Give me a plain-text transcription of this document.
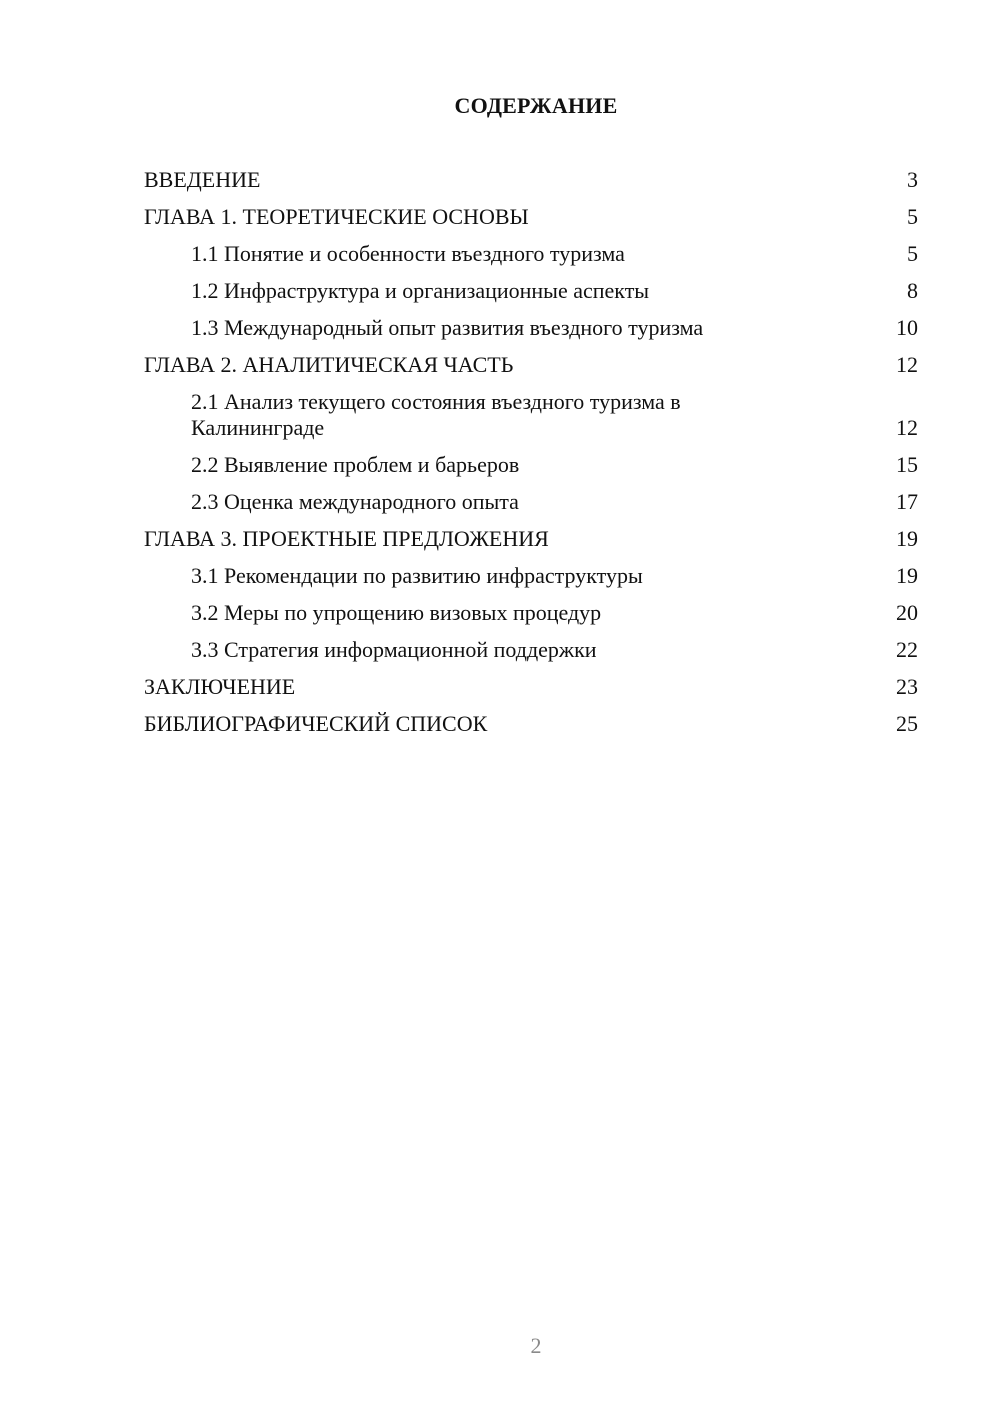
СОДЕРЖАНИЕ
ВВЕДЕНИЕ	3
ГЛАВА 1. ТЕОРЕТИЧЕСКИЕ ОСНОВЫ	5
1.1 Понятие и особенности въездного туризма	5
1.2 Инфраструктура и организационные аспекты	8
1.3 Международный опыт развития въездного туризма	10
ГЛАВА 2. АНАЛИТИЧЕСКАЯ ЧАСТЬ	12
2.1 Анализ текущего состояния въездного туризма в Калининграде	12
2.2 Выявление проблем и барьеров	15
2.3 Оценка международного опыта	17
ГЛАВА 3. ПРОЕКТНЫЕ ПРЕДЛОЖЕНИЯ	19
3.1 Рекомендации по развитию инфраструктуры	19
3.2 Меры по упрощению визовых процедур	20
3.3 Стратегия информационной поддержки	22
ЗАКЛЮЧЕНИЕ	23
БИБЛИОГРАФИЧЕСКИЙ СПИСОК	25
2
